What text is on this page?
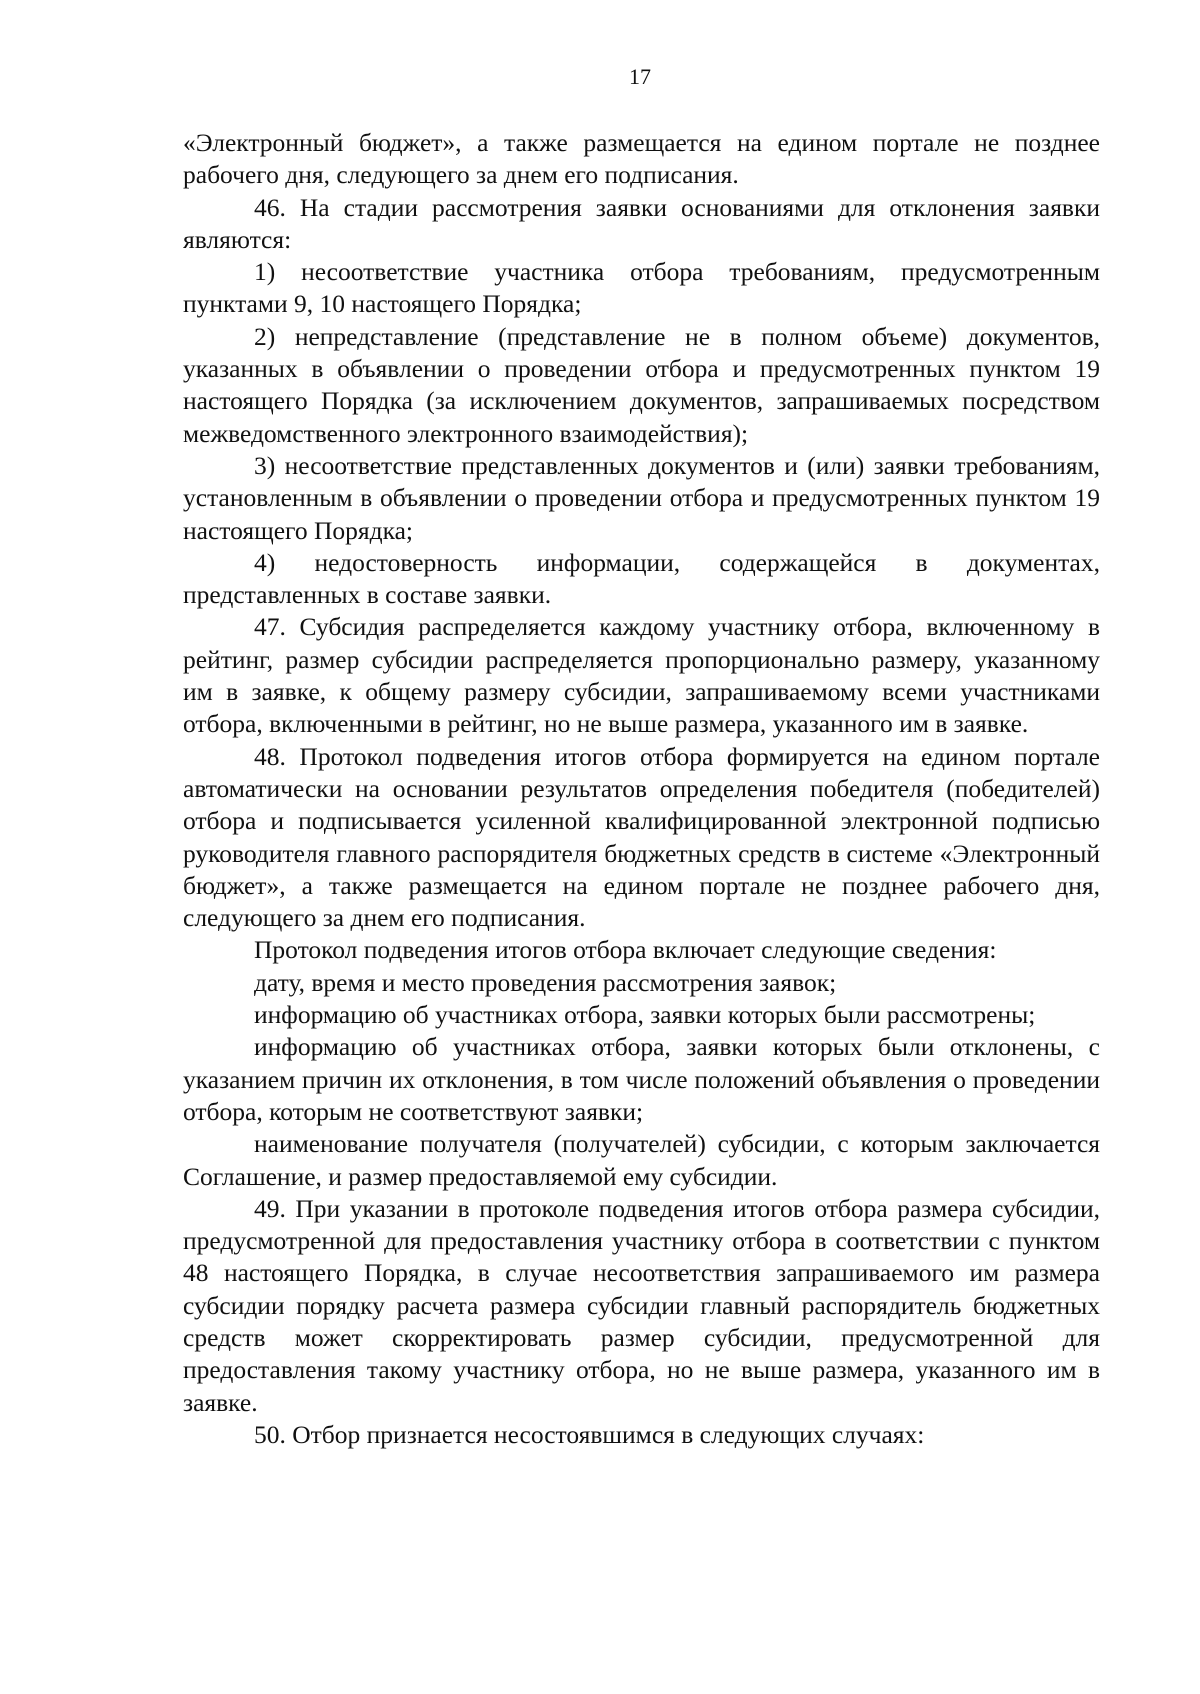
17

«Электронный бюджет», а также размещается на едином портале не позднее рабочего дня, следующего за днем его подписания.

46. На стадии рассмотрения заявки основаниями для отклонения заявки являются:

1) несоответствие участника отбора требованиям, предусмотренным пунктами 9, 10 настоящего Порядка;

2) непредставление (представление не в полном объеме) документов, указанных в объявлении о проведении отбора и предусмотренных пунктом 19 настоящего Порядка (за исключением документов, запрашиваемых посредством межведомственного электронного взаимодействия);

3) несоответствие представленных документов и (или) заявки требованиям, установленным в объявлении о проведении отбора и предусмотренных пунктом 19 настоящего Порядка;

4) недостоверность информации, содержащейся в документах, представленных в составе заявки.

47. Субсидия распределяется каждому участнику отбора, включенному в рейтинг, размер субсидии распределяется пропорционально размеру, указанному им в заявке, к общему размеру субсидии, запрашиваемому всеми участниками отбора, включенными в рейтинг, но не выше размера, указанного им в заявке.

48. Протокол подведения итогов отбора формируется на едином портале автоматически на основании результатов определения победителя (победителей) отбора и подписывается усиленной квалифицированной электронной подписью руководителя главного распорядителя бюджетных средств в системе «Электронный бюджет», а также размещается на едином портале не позднее рабочего дня, следующего за днем его подписания.

Протокол подведения итогов отбора включает следующие сведения:

дату, время и место проведения рассмотрения заявок;

информацию об участниках отбора, заявки которых были рассмотрены;

информацию об участниках отбора, заявки которых были отклонены, с указанием причин их отклонения, в том числе положений объявления о проведении отбора, которым не соответствуют заявки;

наименование получателя (получателей) субсидии, с которым заключается Соглашение, и размер предоставляемой ему субсидии.

49. При указании в протоколе подведения итогов отбора размера субсидии, предусмотренной для предоставления участнику отбора в соответствии с пунктом 48 настоящего Порядка, в случае несоответствия запрашиваемого им размера субсидии порядку расчета размера субсидии главный распорядитель бюджетных средств может скорректировать размер субсидии, предусмотренной для предоставления такому участнику отбора, но не выше размера, указанного им в заявке.

50. Отбор признается несостоявшимся в следующих случаях:
